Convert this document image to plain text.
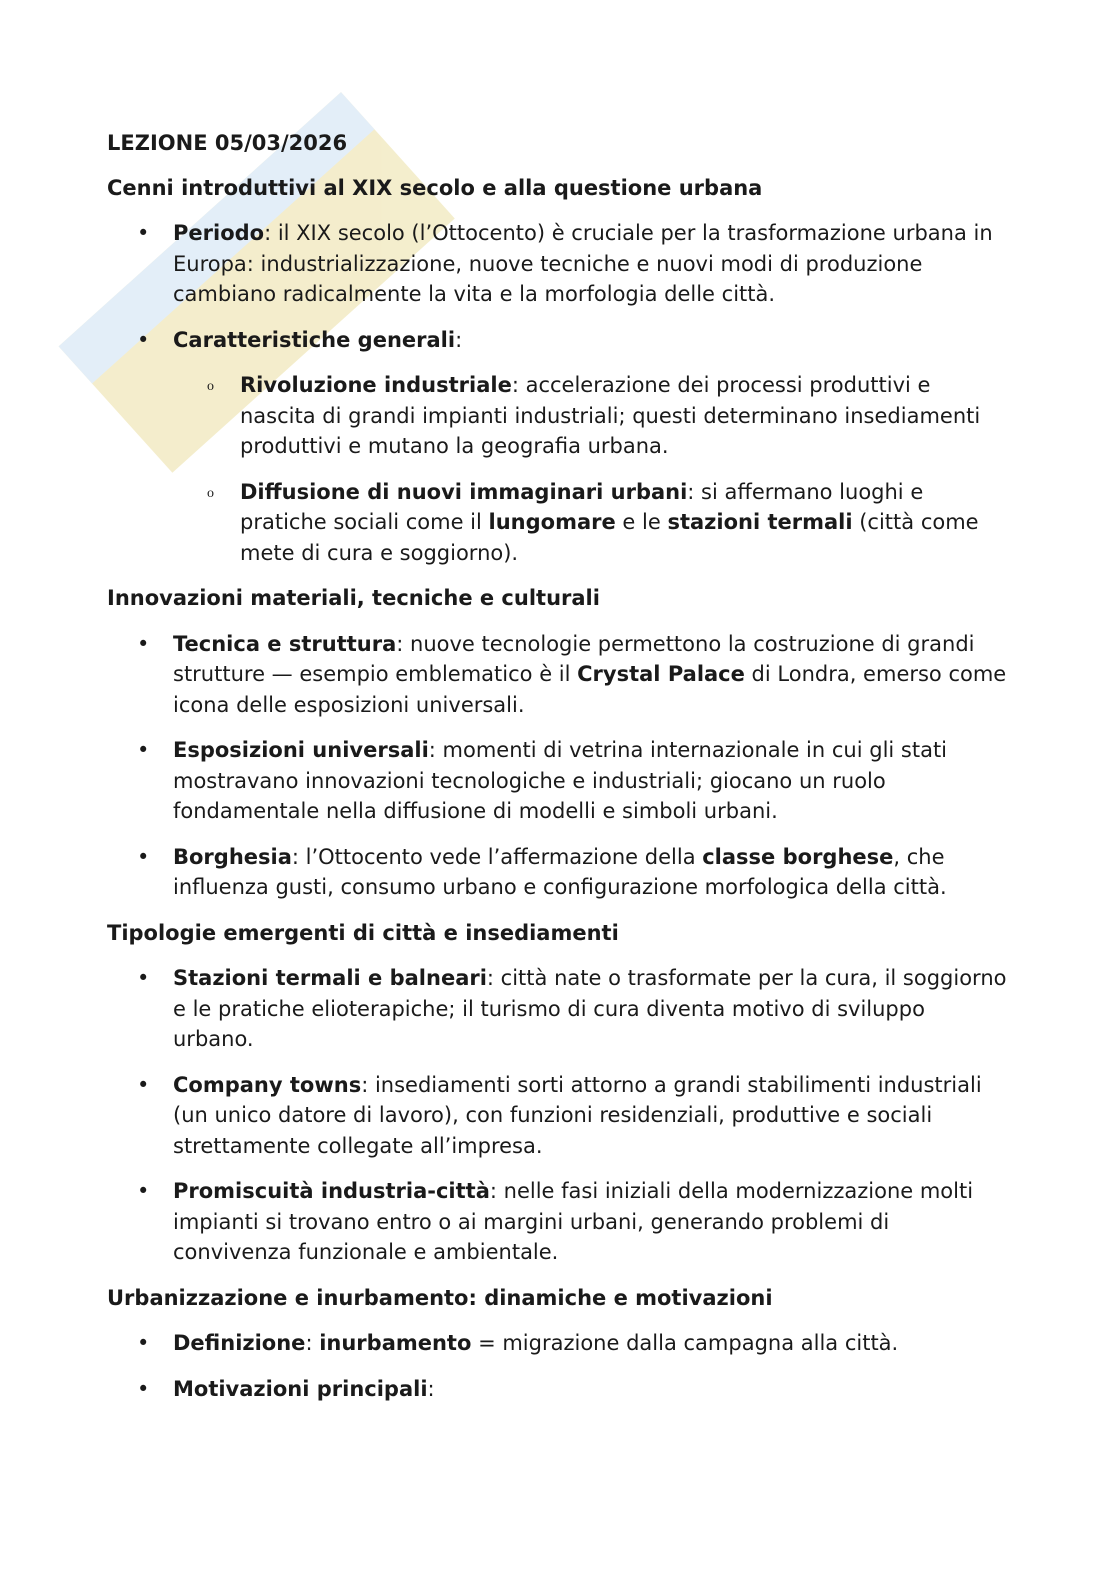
LEZIONE 05/03/2026

Cenni introduttivi al XIX secolo e alla questione urbana

• Periodo: il XIX secolo (l’Ottocento) è cruciale per la trasformazione urbana in Europa: industrializzazione, nuove tecniche e nuovi modi di produzione cambiano radicalmente la vita e la morfologia delle città.
• Caratteristiche generali:
o Rivoluzione industriale: accelerazione dei processi produttivi e nascita di grandi impianti industriali; questi determinano insediamenti produttivi e mutano la geografia urbana.
o Diffusione di nuovi immaginari urbani: si affermano luoghi e pratiche sociali come il lungomare e le stazioni termali (città come mete di cura e soggiorno).

Innovazioni materiali, tecniche e culturali

• Tecnica e struttura: nuove tecnologie permettono la costruzione di grandi strutture — esempio emblematico è il Crystal Palace di Londra, emerso come icona delle esposizioni universali.
• Esposizioni universali: momenti di vetrina internazionale in cui gli stati mostravano innovazioni tecnologiche e industriali; giocano un ruolo fondamentale nella diffusione di modelli e simboli urbani.
• Borghesia: l’Ottocento vede l’affermazione della classe borghese, che influenza gusti, consumo urbano e configurazione morfologica della città.

Tipologie emergenti di città e insediamenti

• Stazioni termali e balneari: città nate o trasformate per la cura, il soggiorno e le pratiche elioterapiche; il turismo di cura diventa motivo di sviluppo urbano.
• Company towns: insediamenti sorti attorno a grandi stabilimenti industriali (un unico datore di lavoro), con funzioni residenziali, produttive e sociali strettamente collegate all’impresa.
• Promiscuità industria-città: nelle fasi iniziali della modernizzazione molti impianti si trovano entro o ai margini urbani, generando problemi di convivenza funzionale e ambientale.

Urbanizzazione e inurbamento: dinamiche e motivazioni

• Definizione: inurbamento = migrazione dalla campagna alla città.
• Motivazioni principali:
